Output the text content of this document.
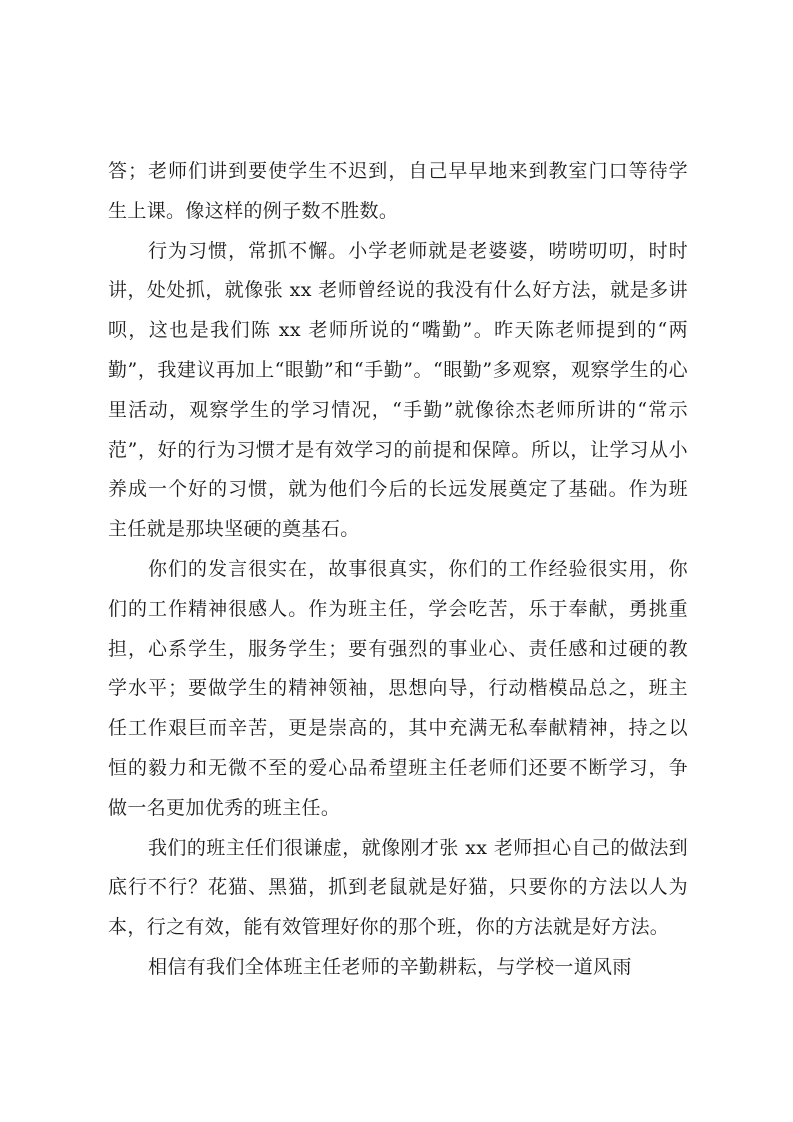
答；老师们讲到要使学生不迟到，自己早早地来到教室门口等待学生上课。像这样的例子数不胜数。

行为习惯，常抓不懈。小学老师就是老婆婆，唠唠叨叨，时时讲，处处抓，就像张 xx 老师曾经说的我没有什么好方法，就是多讲呗，这也是我们陈 xx 老师所说的“嘴勤”。昨天陈老师提到的“两勤”，我建议再加上“眼勤”和“手勤”。“眼勤”多观察，观察学生的心里活动，观察学生的学习情况，“手勤”就像徐杰老师所讲的“常示范”，好的行为习惯才是有效学习的前提和保障。所以，让学习从小养成一个好的习惯，就为他们今后的长远发展奠定了基础。作为班主任就是那块坚硬的奠基石。

你们的发言很实在，故事很真实，你们的工作经验很实用，你们的工作精神很感人。作为班主任，学会吃苦，乐于奉献，勇挑重担，心系学生，服务学生；要有强烈的事业心、责任感和过硬的教学水平；要做学生的精神领袖，思想向导，行动楷模品总之，班主任工作艰巨而辛苦，更是崇高的，其中充满无私奉献精神，持之以恒的毅力和无微不至的爱心品希望班主任老师们还要不断学习，争做一名更加优秀的班主任。

我们的班主任们很谦虚，就像刚才张 xx 老师担心自己的做法到底行不行？花猫、黑猫，抓到老鼠就是好猫，只要你的方法以人为本，行之有效，能有效管理好你的那个班，你的方法就是好方法。

相信有我们全体班主任老师的辛勤耕耘，与学校一道风雨
